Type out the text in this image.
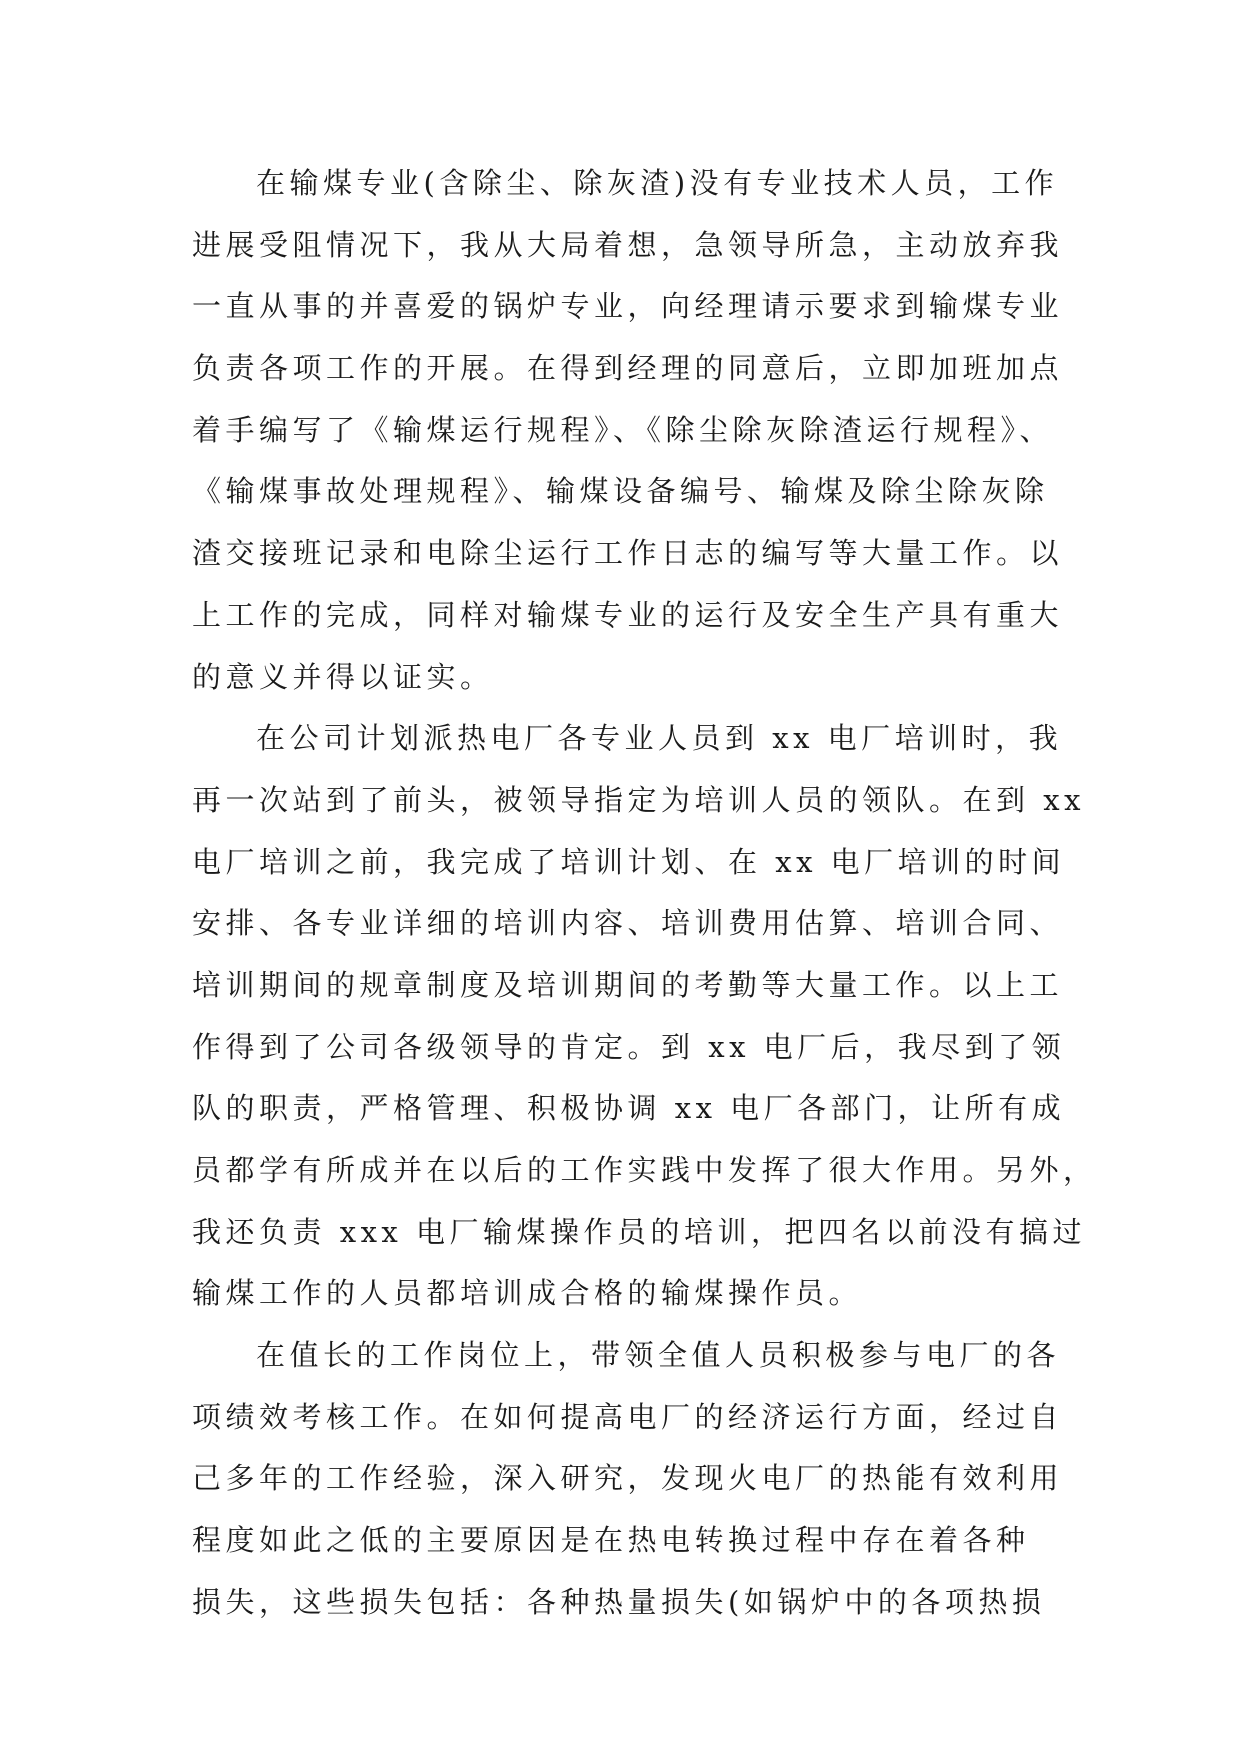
在输煤专业(含除尘、除灰渣)没有专业技术人员，工作
进展受阻情况下，我从大局着想，急领导所急，主动放弃我
一直从事的并喜爱的锅炉专业，向经理请示要求到输煤专业
负责各项工作的开展。在得到经理的同意后，立即加班加点
着手编写了《输煤运行规程》、《除尘除灰除渣运行规程》、
《输煤事故处理规程》、输煤设备编号、输煤及除尘除灰除
渣交接班记录和电除尘运行工作日志的编写等大量工作。以
上工作的完成，同样对输煤专业的运行及安全生产具有重大
的意义并得以证实。
在公司计划派热电厂各专业人员到 xx 电厂培训时，我
再一次站到了前头，被领导指定为培训人员的领队。在到 xx
电厂培训之前，我完成了培训计划、在 xx 电厂培训的时间
安排、各专业详细的培训内容、培训费用估算、培训合同、
培训期间的规章制度及培训期间的考勤等大量工作。以上工
作得到了公司各级领导的肯定。到 xx 电厂后，我尽到了领
队的职责，严格管理、积极协调 xx 电厂各部门，让所有成
员都学有所成并在以后的工作实践中发挥了很大作用。另外，
我还负责 xxx 电厂输煤操作员的培训，把四名以前没有搞过
输煤工作的人员都培训成合格的输煤操作员。
在值长的工作岗位上，带领全值人员积极参与电厂的各
项绩效考核工作。在如何提高电厂的经济运行方面，经过自
己多年的工作经验，深入研究，发现火电厂的热能有效利用
程度如此之低的主要原因是在热电转换过程中存在着各种
损失，这些损失包括：各种热量损失(如锅炉中的各项热损
